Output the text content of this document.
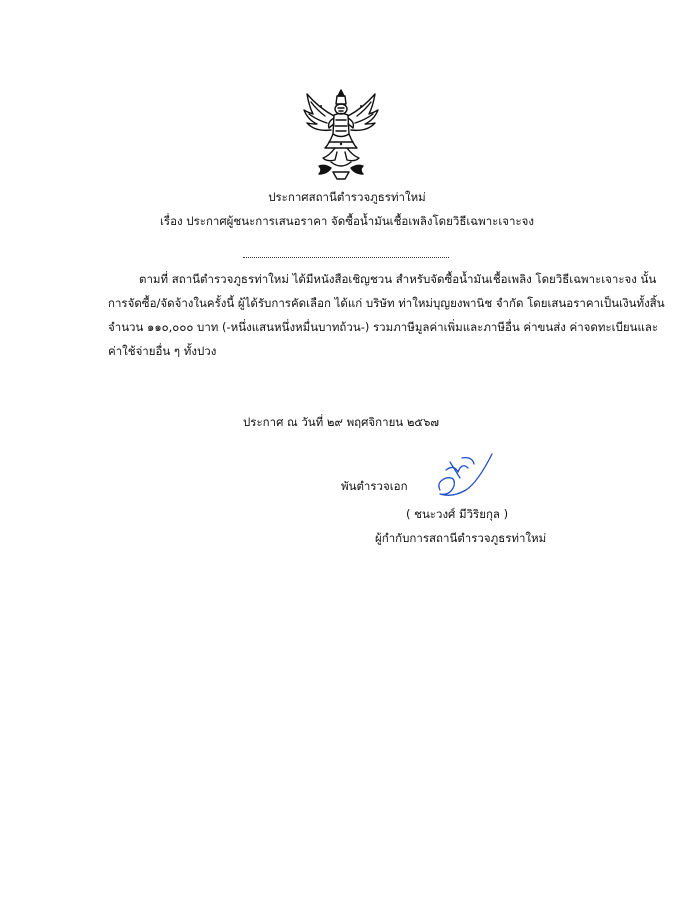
ประกาศสถานีตำรวจภูธรท่าใหม่
เรื่อง ประกาศผู้ชนะการเสนอราคา จัดซื้อน้ำมันเชื้อเพลิงโดยวิธีเฉพาะเจาะจง
ตามที่ สถานีตำรวจภูธรท่าใหม่ ได้มีหนังสือเชิญชวน สำหรับจัดซื้อน้ำมันเชื้อเพลิง โดยวิธีเฉพาะเจาะจง นั้น
การจัดซื้อ/จัดจ้างในครั้งนี้ ผู้ได้รับการคัดเลือก ได้แก่ บริษัท ท่าใหม่บุญยงพานิช จำกัด โดยเสนอราคาเป็นเงินทั้งสิ้น
จำนวน ๑๑๐,๐๐๐ บาท (-หนึ่งแสนหนึ่งหมื่นบาทถ้วน-) รวมภาษีมูลค่าเพิ่มและภาษีอื่น ค่าขนส่ง ค่าจดทะเบียนและ
ค่าใช้จ่ายอื่น ๆ ทั้งปวง
ประกาศ ณ วันที่ ๒๙ พฤศจิกายน ๒๕๖๗
พันตำรวจเอก
( ชนะวงศ์ มีวิริยกุล )
ผู้กำกับการสถานีตำรวจภูธรท่าใหม่
